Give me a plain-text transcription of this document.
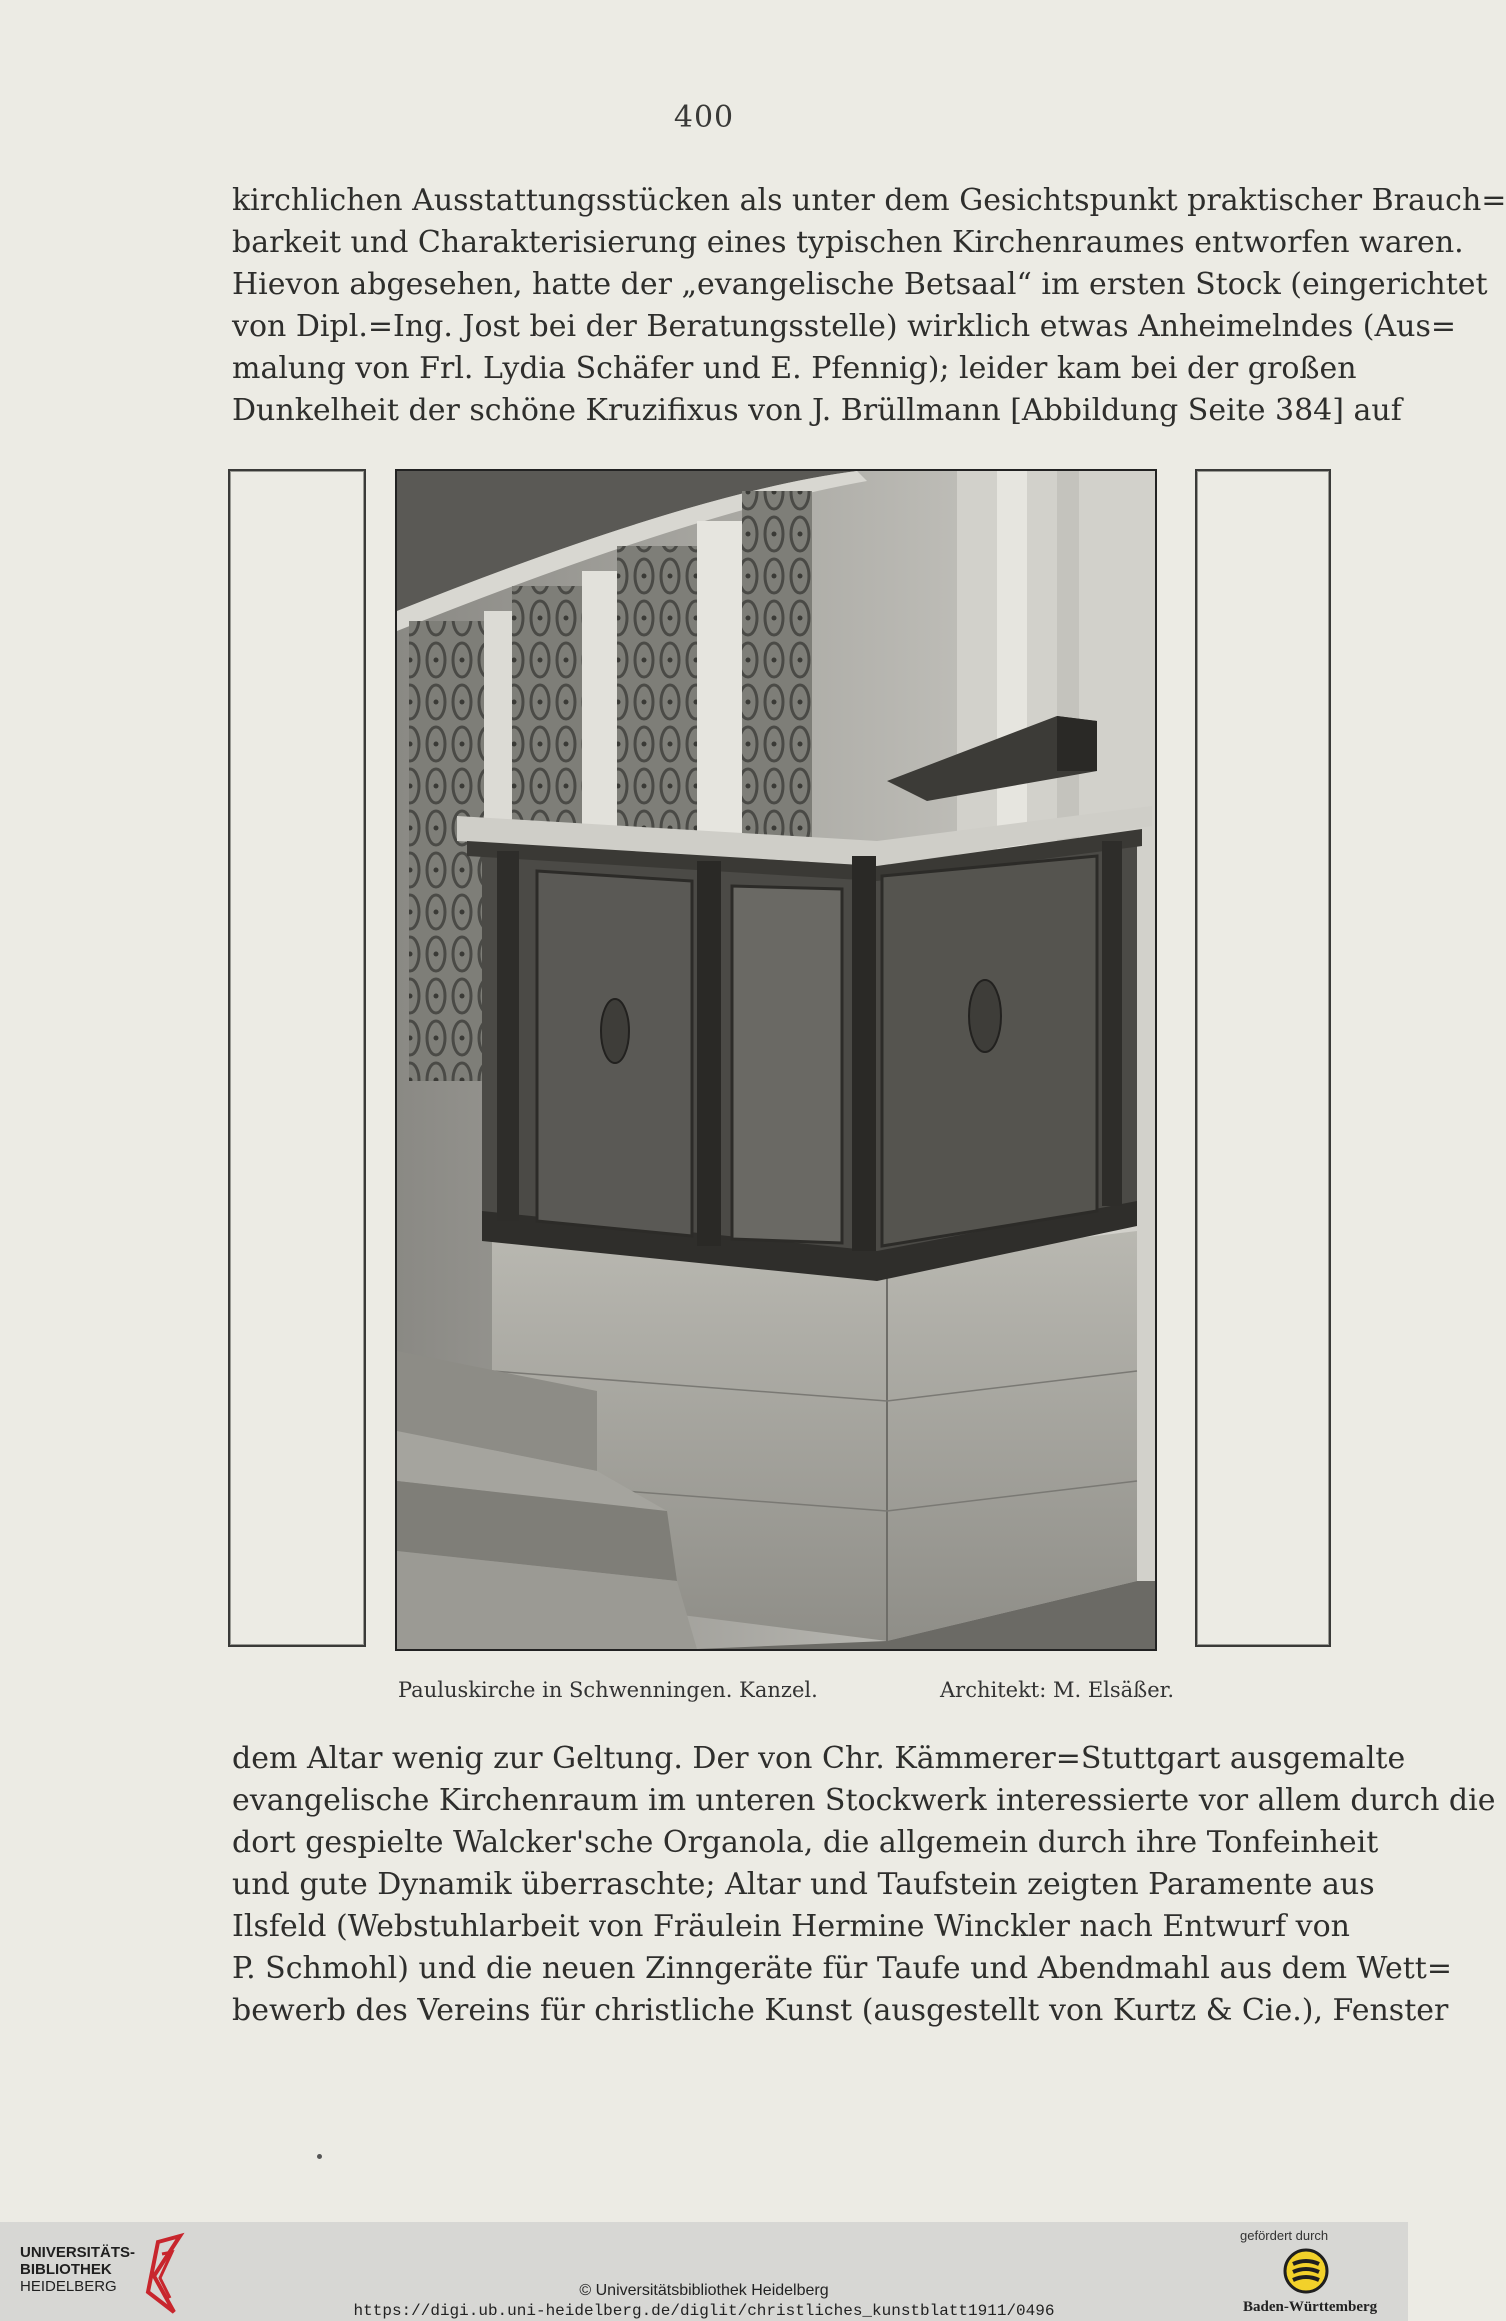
400
kirchlichen Ausstattungsstücken als unter dem Gesichtspunkt praktischer Brauch=
barkeit und Charakterisierung eines typischen Kirchenraumes entworfen waren.
Hievon abgesehen, hatte der „evangelische Betsaal“ im ersten Stock (eingerichtet
von Dipl.=Ing. Jost bei der Beratungsstelle) wirklich etwas Anheimelndes (Aus=
malung von Frl. Lydia Schäfer und E. Pfennig); leider kam bei der großen
Dunkelheit der schöne Kruzifixus von J. Brüllmann [Abbildung Seite 384] auf
Pauluskirche in Schwenningen. Kanzel.	Architekt: M. Elsäßer.
dem Altar wenig zur Geltung. Der von Chr. Kämmerer=Stuttgart ausgemalte
evangelische Kirchenraum im unteren Stockwerk interessierte vor allem durch die
dort gespielte Walcker'sche Organola, die allgemein durch ihre Tonfeinheit
und gute Dynamik überraschte; Altar und Taufstein zeigten Paramente aus
Ilsfeld (Webstuhlarbeit von Fräulein Hermine Winckler nach Entwurf von
P. Schmohl) und die neuen Zinngeräte für Taufe und Abendmahl aus dem Wett=
bewerb des Vereins für christliche Kunst (ausgestellt von Kurtz & Cie.), Fenster
UNIVERSITÄTS-
BIBLIOTHEK
HEIDELBERG	© Universitätsbibliothek Heidelberg
https://digi.ub.uni-heidelberg.de/diglit/christliches_kunstblatt1911/0496
gefördert durch
Baden-Württemberg
